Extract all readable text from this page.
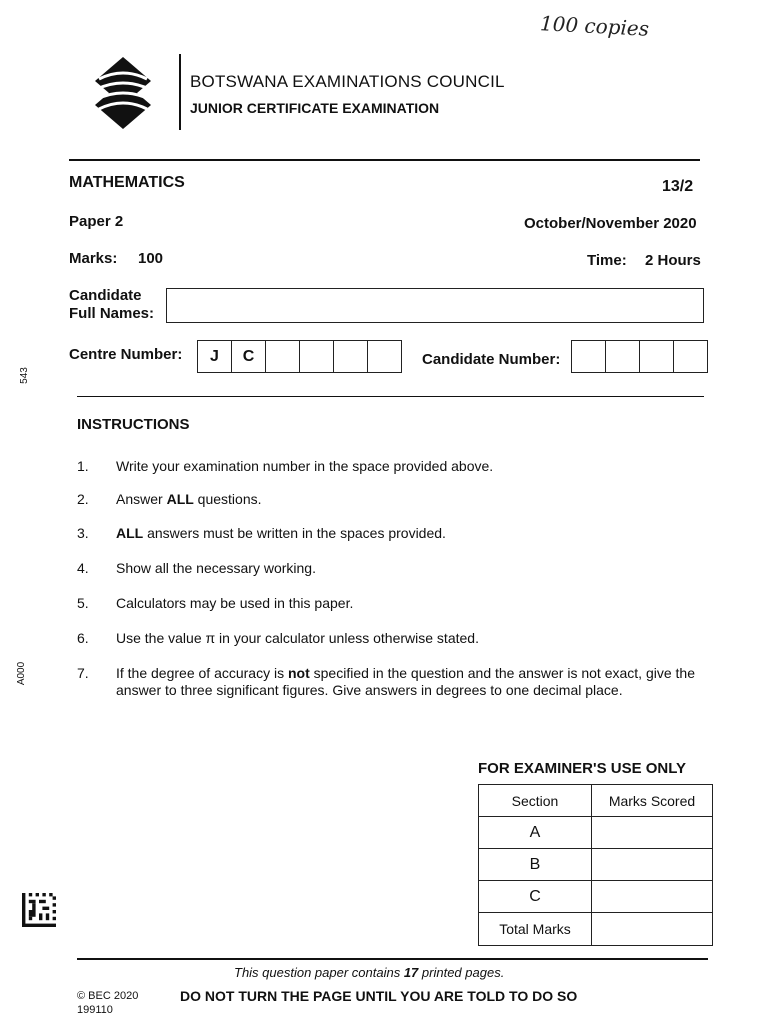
100 copies
BOTSWANA EXAMINATIONS COUNCIL
JUNIOR CERTIFICATE EXAMINATION
MATHEMATICS	13/2
Paper 2	October/November 2020
Marks: 100	Time: 2 Hours
Candidate
Full Names:
Centre Number:	J	C	Candidate Number:
543
A000
INSTRUCTIONS
1. Write your examination number in the space provided above.
2. Answer ALL questions.
3. ALL answers must be written in the spaces provided.
4. Show all the necessary working.
5. Calculators may be used in this paper.
6. Use the value π in your calculator unless otherwise stated.
7. If the degree of accuracy is not specified in the question and the answer is not exact, give the answer to three significant figures. Give answers in degrees to one decimal place.
FOR EXAMINER'S USE ONLY
Section	Marks Scored
A	
B	
C	
Total Marks	
This question paper contains 17 printed pages.
© BEC 2020
199110
DO NOT TURN THE PAGE UNTIL YOU ARE TOLD TO DO SO
